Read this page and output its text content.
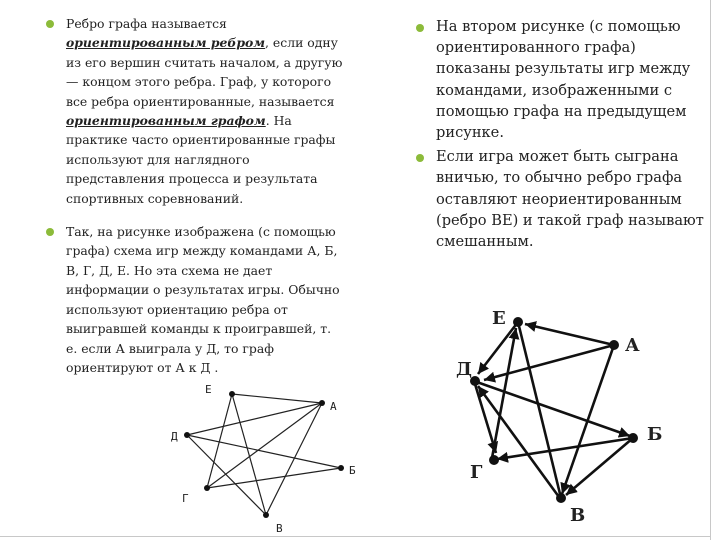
Ребро графа называется ориентированным ребром, если одну из его вершин считать началом, а другую — концом этого ребра. Граф, у которого все ребра ориентированные, называется ориентированным графом. На практике часто ориентированные графы используют для наглядного представления процесса и результата спортивных соревнований.
Так, на рисунке изображена (с помощью графа) схема игр между командами А, Б, В, Г, Д, Е. Но эта схема не дает информации о результатах игры. Обычно используют ориентацию ребра от выигравшей команды к проигравшей, т. е. если А выиграла у Д, то граф ориентируют от А к Д .
На втором рисунке (с помощью ориентированного графа) показаны результаты игр между командами, изображенными с помощью графа на предыдущем рисунке.
Если игра может быть сыграна вничью, то обычно ребро графа оставляют неориентированным (ребро ВЕ) и такой граф называют смешанным.
Е
А
Д
Б
Г
В
Е
А
Д
Б
Г
В
